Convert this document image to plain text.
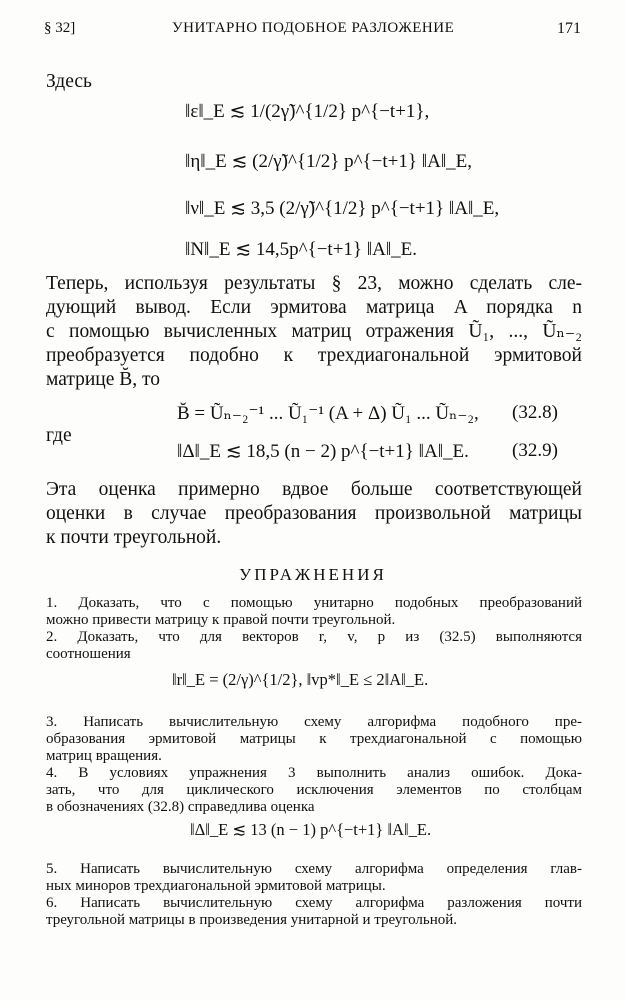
§ 32]	УНИТАРНО ПОДОБНОЕ РАЗЛОЖЕНИЕ	171
Здесь
‖ε‖_E ≲ 1/(2γ̃)^{1/2} p^{−t+1},
‖η‖_E ≲ (2/γ̃)^{1/2} p^{−t+1} ‖A‖_E,
‖ν‖_E ≲ 3,5 (2/γ̃)^{1/2} p^{−t+1} ‖A‖_E,
‖N‖_E ≲ 14,5p^{−t+1} ‖A‖_E.
Теперь, используя результаты § 23, можно сделать сле-
дующий вывод. Если эрмитова матрица A порядка n
с помощью вычисленных матриц отражения Ũ₁, ..., Ũₙ₋₂
преобразуется подобно к трехдиагональной эрмитовой
матрице B̆, то
B̆ = Ũₙ₋₂⁻¹ ... Ũ₁⁻¹ (A + Δ) Ũ₁ ... Ũₙ₋₂, (32.8)
где
‖Δ‖_E ≲ 18,5 (n − 2) p^{−t+1} ‖A‖_E. (32.9)
Эта оценка примерно вдвое больше соответствующей
оценки в случае преобразования произвольной матрицы
к почти треугольной.
УПРАЖНЕНИЯ
1. Доказать, что с помощью унитарно подобных преобразований
можно привести матрицу к правой почти треугольной.
2. Доказать, что для векторов r, v, p из (32.5) выполняются
соотношения
‖r‖_E = (2/γ)^{1/2}, ‖vp*‖_E ≤ 2‖A‖_E.
3. Написать вычислительную схему алгорифма подобного пре-
образования эрмитовой матрицы к трехдиагональной с помощью
матриц вращения.
4. В условиях упражнения 3 выполнить анализ ошибок. Дока-
зать, что для циклического исключения элементов по столбцам
в обозначениях (32.8) справедлива оценка
‖Δ‖_E ≲ 13 (n − 1) p^{−t+1} ‖A‖_E.
5. Написать вычислительную схему алгорифма определения глав-
ных миноров трехдиагональной эрмитовой матрицы.
6. Написать вычислительную схему алгорифма разложения почти
треугольной матрицы в произведения унитарной и треугольной.
